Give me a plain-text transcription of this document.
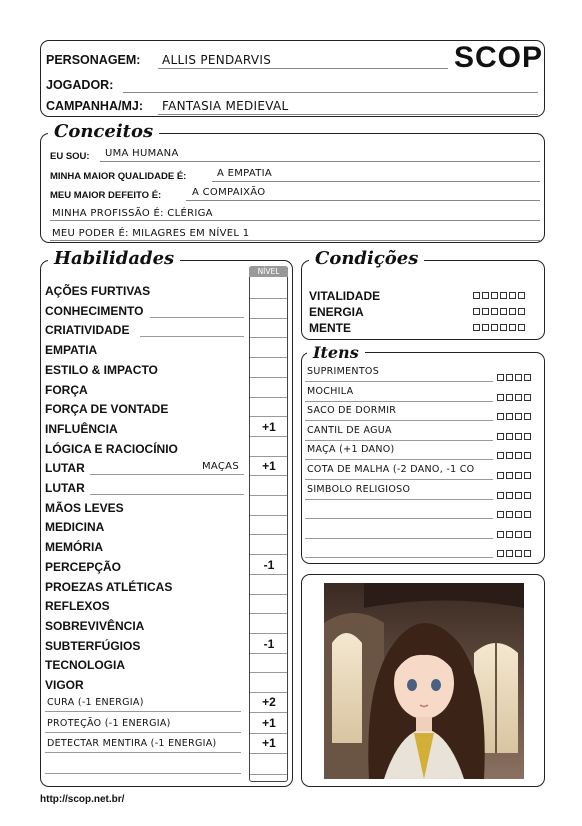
PERSONAGEM: ALLIS PENDARVIS	SCOP
JOGADOR:
CAMPANHA/MJ: FANTASIA MEDIEVAL
Conceitos
EU SOU: UMA HUMANA
MINHA MAIOR QUALIDADE É:	A EMPATIA
MEU MAIOR DEFEITO É:	A COMPAIXÃO
MINHA PROFISSÃO É: CLÉRIGA
MEU PODER É: MILAGRES EM NÍVEL 1
Habilidades
NÍVEL
AÇÕES FURTIVAS
CONHECIMENTO
CRIATIVIDADE
EMPATIA
ESTILO & IMPACTO
FORÇA
FORÇA DE VONTADE
INFLUÊNCIA	+1
LÓGICA E RACIOCÍNIO
LUTAR	MAÇAS	+1
LUTAR
MÃOS LEVES
MEDICINA
MEMÓRIA
PERCEPÇÃO	-1
PROEZAS ATLÉTICAS
REFLEXOS
SOBREVIVÊNCIA
SUBTERFÚGIOS	-1
TECNOLOGIA
VIGOR
CURA (-1 ENERGIA)	+2
PROTEÇÃO (-1 ENERGIA)	+1
DETECTAR MENTIRA (-1 ENERGIA)	+1
Condições
VITALIDADE
ENERGIA
MENTE
Itens
SUPRIMENTOS
MOCHILA
SACO DE DORMIR
CANTIL DE ÁGUA
MAÇA (+1 DANO)
COTA DE MALHA (-2 DANO, -1 CO
SÍMBOLO RELIGIOSO
http://scop.net.br/
